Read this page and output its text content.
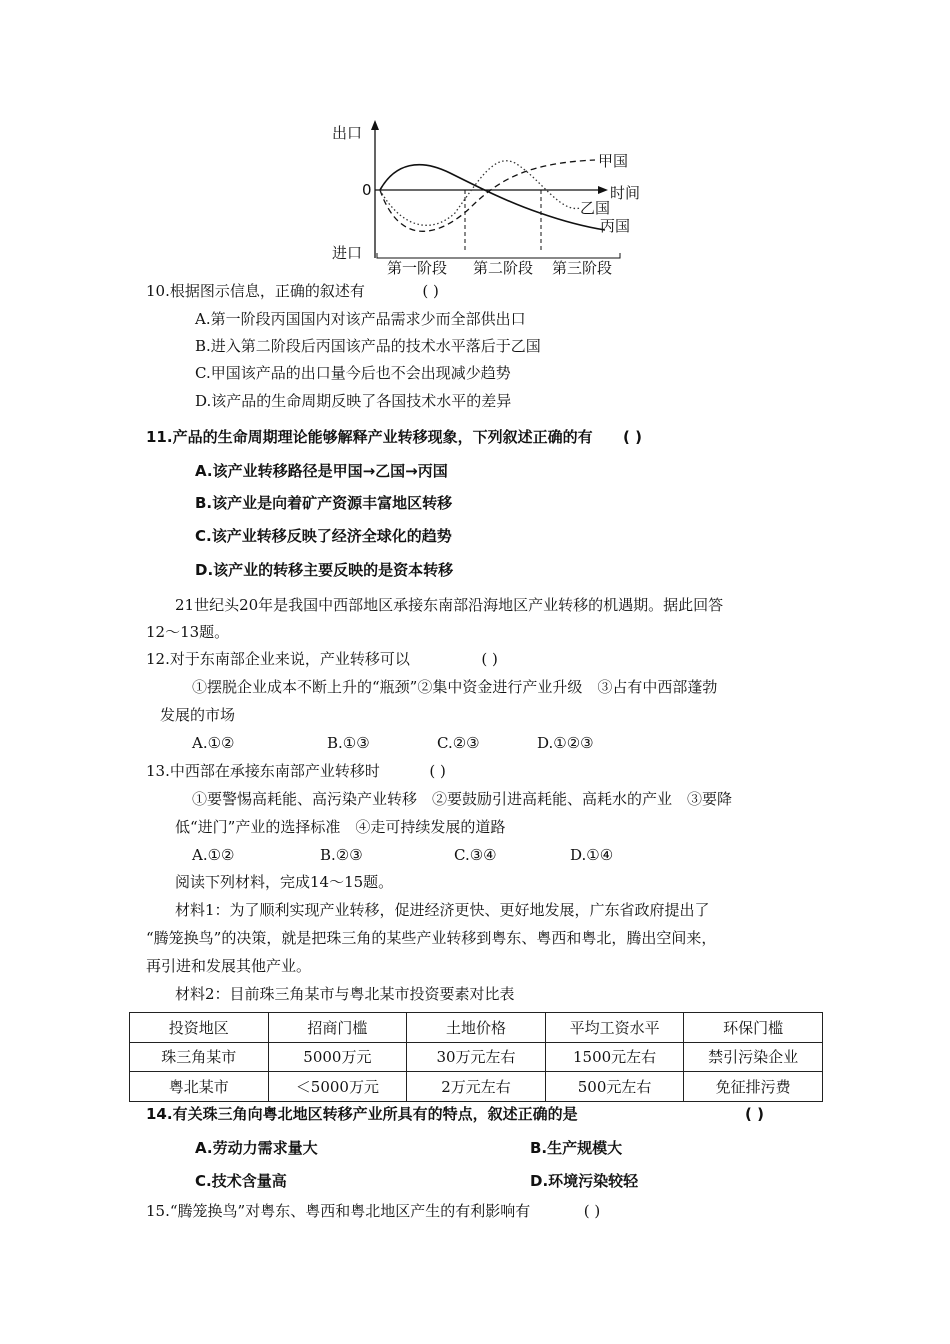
出口
进口
0	时间
甲国
乙国
丙国
第一阶段 第二阶段 第三阶段
10.根据图示信息，正确的叙述有	( )
A.第一阶段丙国国内对该产品需求少而全部供出口
B.进入第二阶段后丙国该产品的技术水平落后于乙国
C.甲国该产品的出口量今后也不会出现减少趋势
D.该产品的生命周期反映了各国技术水平的差异
11.产品的生命周期理论能够解释产业转移现象，下列叙述正确的有 ( )
A.该产业转移路径是甲国→乙国→丙国
B.该产业是向着矿产资源丰富地区转移
C.该产业转移反映了经济全球化的趋势
D.该产业的转移主要反映的是资本转移
21世纪头20年是我国中西部地区承接东南部沿海地区产业转移的机遇期。据此回答
12～13题。
12.对于东南部企业来说，产业转移可以	( )
①摆脱企业成本不断上升的“瓶颈”②集中资金进行产业升级　③占有中西部蓬勃
发展的市场
A.①②	B.①③	C.②③	D.①②③
13.中西部在承接东南部产业转移时	( )
①要警惕高耗能、高污染产业转移　②要鼓励引进高耗能、高耗水的产业　③要降
低“进门”产业的选择标准　④走可持续发展的道路
A.①②	B.②③	C.③④	D.①④
阅读下列材料，完成14～15题。
材料1：为了顺利实现产业转移，促进经济更快、更好地发展，广东省政府提出了
“腾笼换鸟”的决策，就是把珠三角的某些产业转移到粤东、粤西和粤北，腾出空间来，
再引进和发展其他产业。
材料2：目前珠三角某市与粤北某市投资要素对比表
投资地区	招商门槛	土地价格	平均工资水平	环保门槛
珠三角某市	5000万元	30万元左右	1500元左右	禁引污染企业
粤北某市	＜5000万元	2万元左右	500元左右	免征排污费
14.有关珠三角向粤北地区转移产业所具有的特点，叙述正确的是	( )
A.劳动力需求量大	B.生产规模大
C.技术含量高	D.环境污染较轻
15.“腾笼换鸟”对粤东、粤西和粤北地区产生的有利影响有	( )
